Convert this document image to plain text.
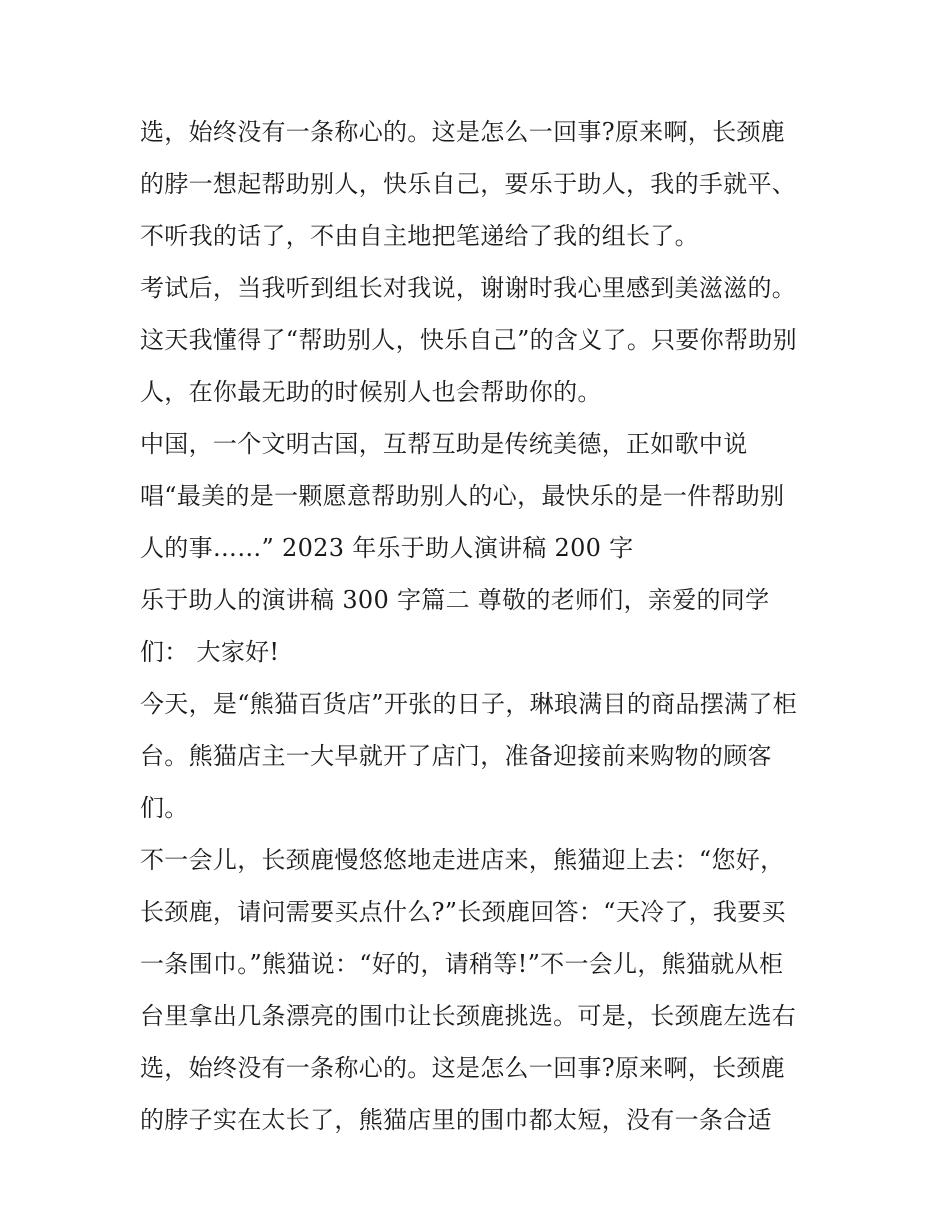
选，始终没有一条称心的。这是怎么一回事?原来啊，长颈鹿
的脖一想起帮助别人，快乐自己，要乐于助人，我的手就平、
不听我的话了，不由自主地把笔递给了我的组长了。
考试后，当我听到组长对我说，谢谢时我心里感到美滋滋的。
这天我懂得了“帮助别人，快乐自己”的含义了。只要你帮助别
人，在你最无助的时候别人也会帮助你的。
中国，一个文明古国，互帮互助是传统美德，正如歌中说
唱“最美的是一颗愿意帮助别人的心，最快乐的是一件帮助别
人的事……” 2023 年乐于助人演讲稿 200 字
乐于助人的演讲稿 300 字篇二 尊敬的老师们，亲爱的同学
们： 大家好!
今天，是“熊猫百货店”开张的日子，琳琅满目的商品摆满了柜
台。熊猫店主一大早就开了店门，准备迎接前来购物的顾客
们。
不一会儿，长颈鹿慢悠悠地走进店来，熊猫迎上去：“您好，
长颈鹿，请问需要买点什么?”长颈鹿回答：“天冷了，我要买
一条围巾。”熊猫说：“好的，请稍等!”不一会儿，熊猫就从柜
台里拿出几条漂亮的围巾让长颈鹿挑选。可是，长颈鹿左选右
选，始终没有一条称心的。这是怎么一回事?原来啊，长颈鹿
的脖子实在太长了，熊猫店里的围巾都太短，没有一条合适
